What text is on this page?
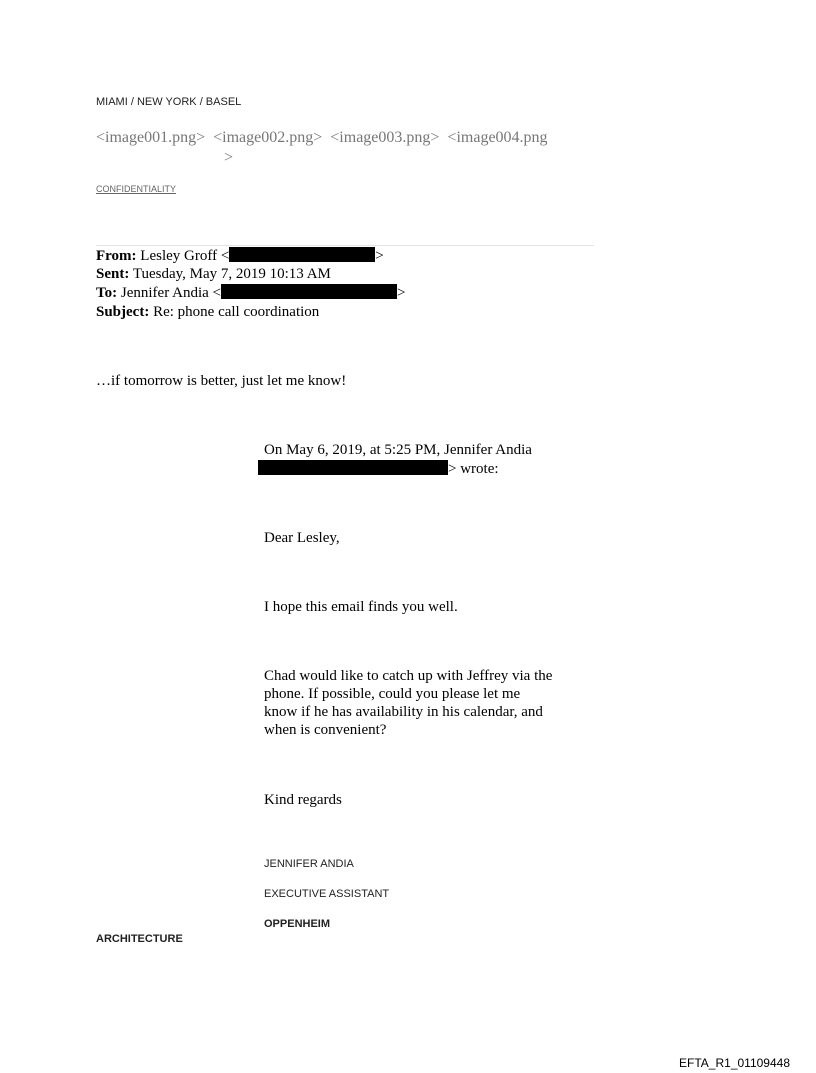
MIAMI / NEW YORK / BASEL
<image001.png> <image002.png> <image003.png> <image004.png
>
CONFIDENTIALITY
From: Lesley Groff <	>
Sent: Tuesday, May 7, 2019 10:13 AM
To: Jennifer Andia <	>
Subject: Re: phone call coordination
…if tomorrow is better, just let me know!
On May 6, 2019, at 5:25 PM, Jennifer Andia
> wrote:
Dear Lesley,
I hope this email finds you well.
Chad would like to catch up with Jeffrey via the phone. If possible, could you please let me know if he has availability in his calendar, and when is convenient?
Kind regards
JENNIFER ANDIA
EXECUTIVE ASSISTANT
OPPENHEIM
ARCHITECTURE
EFTA_R1_01109448
